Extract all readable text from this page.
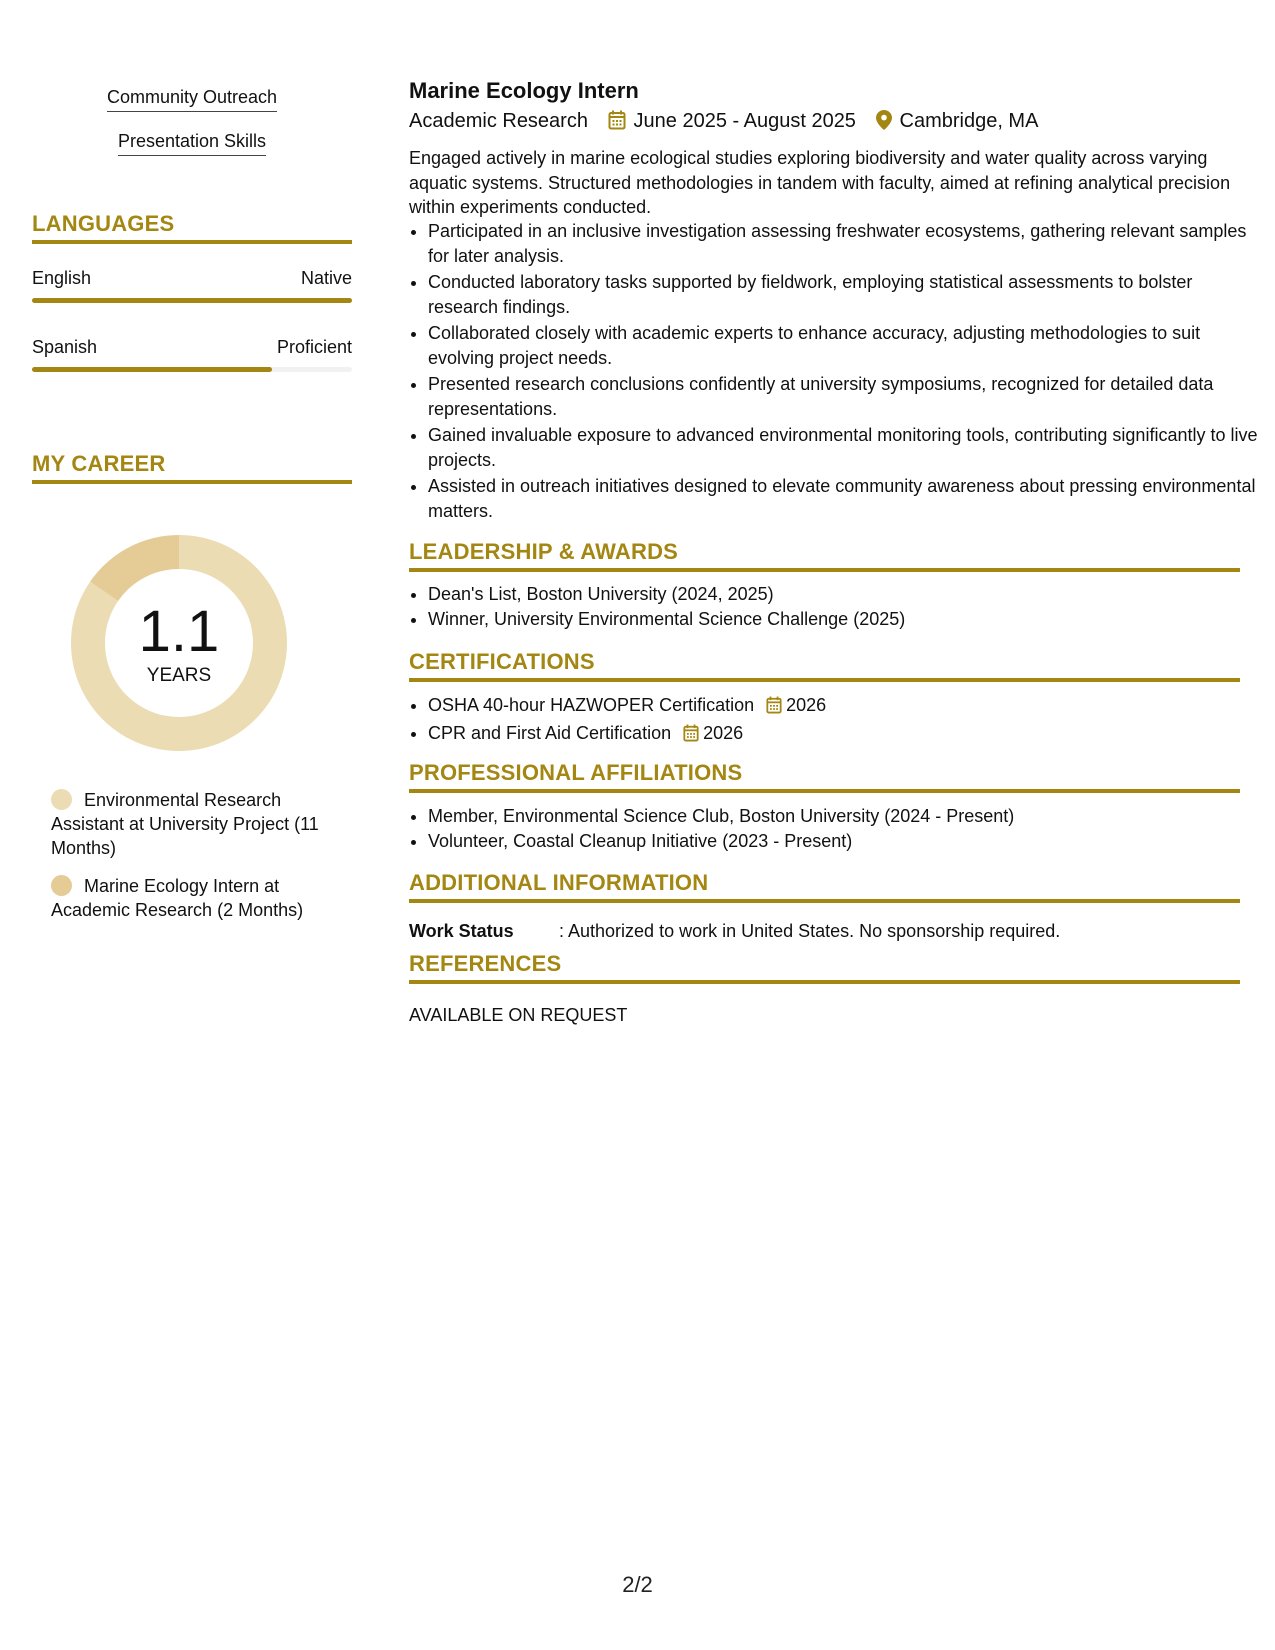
Community Outreach
Presentation Skills
LANGUAGES
English	Native
Spanish	Proficient
MY CAREER
1.1
YEARS
Environmental Research Assistant at University Project (11 Months)
Marine Ecology Intern at Academic Research (2 Months)
Marine Ecology Intern
Academic Research June 2025 - August 2025 Cambridge, MA
Engaged actively in marine ecological studies exploring biodiversity and water quality across varying aquatic systems. Structured methodologies in tandem with faculty, aimed at refining analytical precision within experiments conducted.
• Participated in an inclusive investigation assessing freshwater ecosystems, gathering relevant samples for later analysis.
• Conducted laboratory tasks supported by fieldwork, employing statistical assessments to bolster research findings.
• Collaborated closely with academic experts to enhance accuracy, adjusting methodologies to suit evolving project needs.
• Presented research conclusions confidently at university symposiums, recognized for detailed data representations.
• Gained invaluable exposure to advanced environmental monitoring tools, contributing significantly to live projects.
• Assisted in outreach initiatives designed to elevate community awareness about pressing environmental matters.
LEADERSHIP & AWARDS
• Dean's List, Boston University (2024, 2025)
• Winner, University Environmental Science Challenge (2025)
CERTIFICATIONS
• OSHA 40-hour HAZWOPER Certification 2026
• CPR and First Aid Certification 2026
PROFESSIONAL AFFILIATIONS
• Member, Environmental Science Club, Boston University (2024 - Present)
• Volunteer, Coastal Cleanup Initiative (2023 - Present)
ADDITIONAL INFORMATION
Work Status	: Authorized to work in United States. No sponsorship required.
REFERENCES
AVAILABLE ON REQUEST
2/2
